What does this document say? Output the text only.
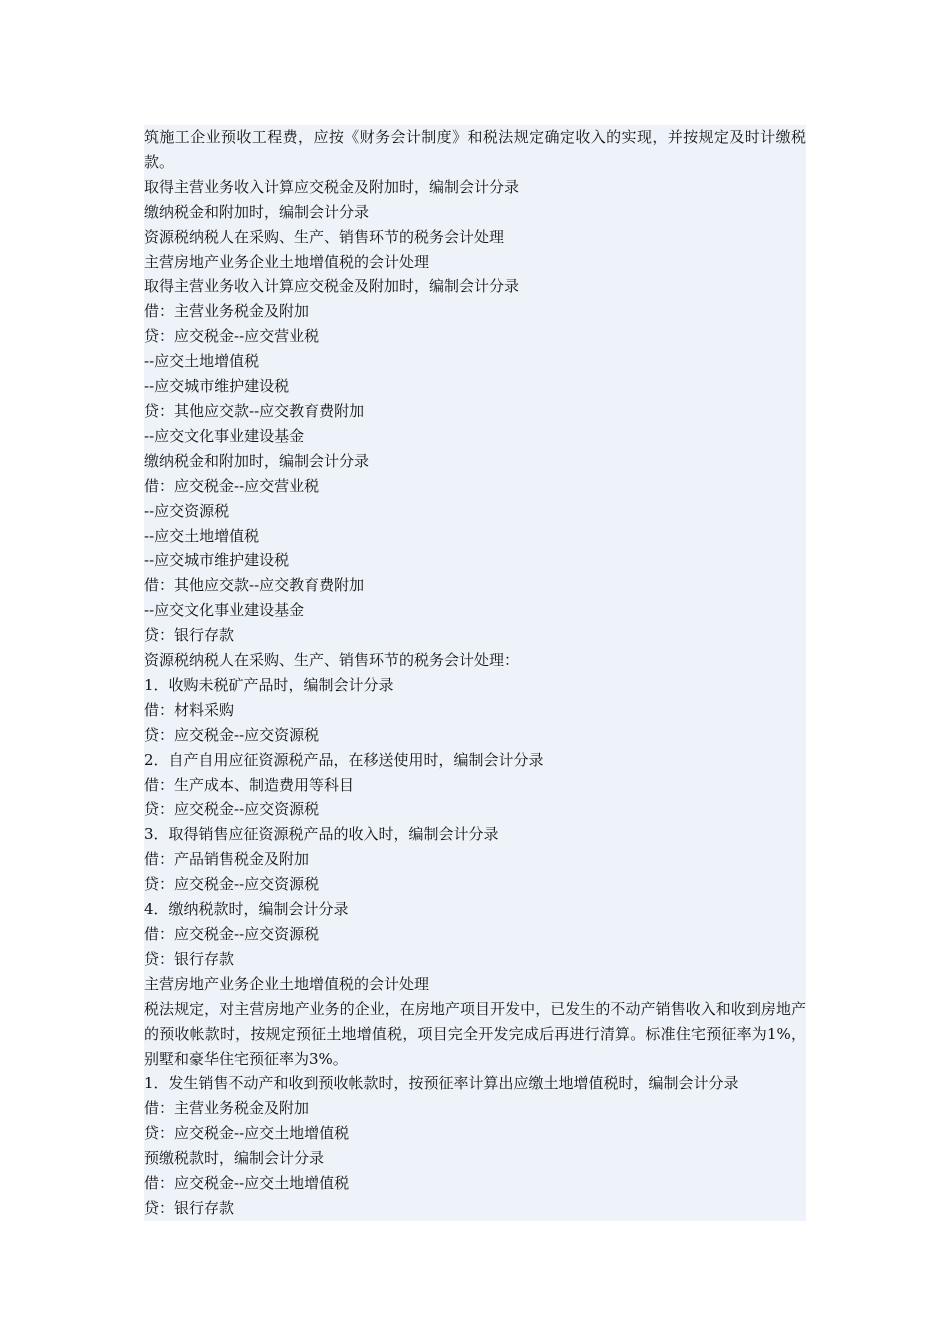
筑施工企业预收工程费，应按《财务会计制度》和税法规定确定收入的实现，并按规定及时计缴税款。
取得主营业务收入计算应交税金及附加时，编制会计分录
缴纳税金和附加时，编制会计分录
资源税纳税人在采购、生产、销售环节的税务会计处理
主营房地产业务企业土地增值税的会计处理
取得主营业务收入计算应交税金及附加时，编制会计分录
借：主营业务税金及附加
贷：应交税金--应交营业税
--应交土地增值税
--应交城市维护建设税
贷：其他应交款--应交教育费附加
--应交文化事业建设基金
缴纳税金和附加时，编制会计分录
借：应交税金--应交营业税
--应交资源税
--应交土地增值税
--应交城市维护建设税
借：其他应交款--应交教育费附加
--应交文化事业建设基金
贷：银行存款
资源税纳税人在采购、生产、销售环节的税务会计处理：
1．收购未税矿产品时，编制会计分录
借：材料采购
贷：应交税金--应交资源税
2．自产自用应征资源税产品，在移送使用时，编制会计分录
借：生产成本、制造费用等科目
贷：应交税金--应交资源税
3．取得销售应征资源税产品的收入时，编制会计分录
借：产品销售税金及附加
贷：应交税金--应交资源税
4．缴纳税款时，编制会计分录
借：应交税金--应交资源税
贷：银行存款
主营房地产业务企业土地增值税的会计处理
税法规定，对主营房地产业务的企业，在房地产项目开发中，已发生的不动产销售收入和收到房地产的预收帐款时，按规定预征土地增值税，项目完全开发完成后再进行清算。标准住宅预征率为1%，别墅和豪华住宅预征率为3%。
1．发生销售不动产和收到预收帐款时，按预征率计算出应缴土地增值税时，编制会计分录
借：主营业务税金及附加
贷：应交税金--应交土地增值税
预缴税款时，编制会计分录
借：应交税金--应交土地增值税
贷：银行存款
